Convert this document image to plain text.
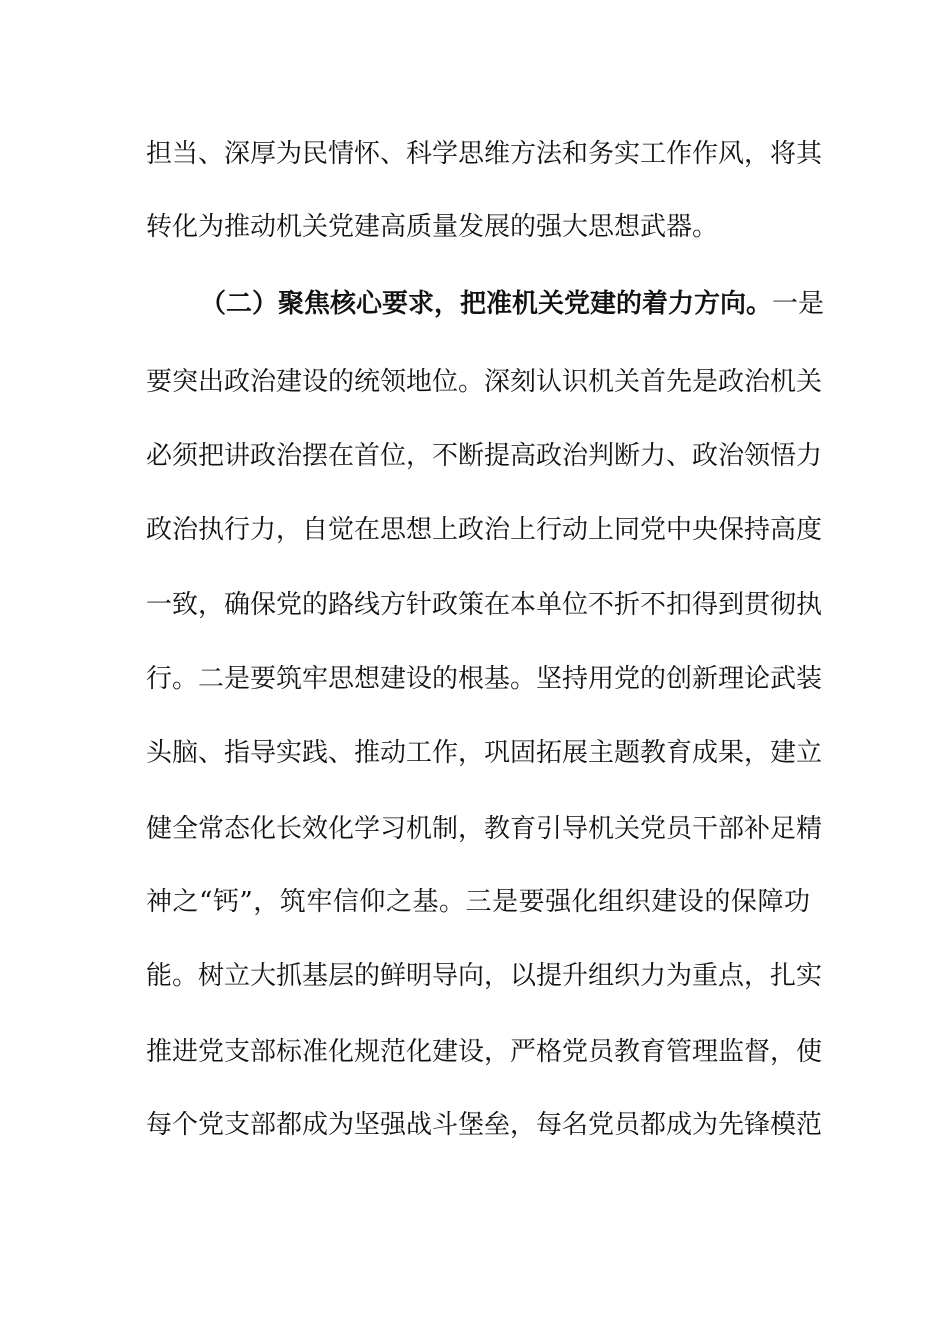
担当、深厚为民情怀、科学思维方法和务实工作作风，将其
转化为推动机关党建高质量发展的强大思想武器。
（二）聚焦核心要求，把准机关党建的着力方向。一是
要突出政治建设的统领地位。深刻认识机关首先是政治机关
必须把讲政治摆在首位，不断提高政治判断力、政治领悟力
政治执行力，自觉在思想上政治上行动上同党中央保持高度
一致，确保党的路线方针政策在本单位不折不扣得到贯彻执
行。二是要筑牢思想建设的根基。坚持用党的创新理论武装
头脑、指导实践、推动工作，巩固拓展主题教育成果，建立
健全常态化长效化学习机制，教育引导机关党员干部补足精
神之“钙”，筑牢信仰之基。三是要强化组织建设的保障功
能。树立大抓基层的鲜明导向，以提升组织力为重点，扎实
推进党支部标准化规范化建设，严格党员教育管理监督，使
每个党支部都成为坚强战斗堡垒，每名党员都成为先锋模范
